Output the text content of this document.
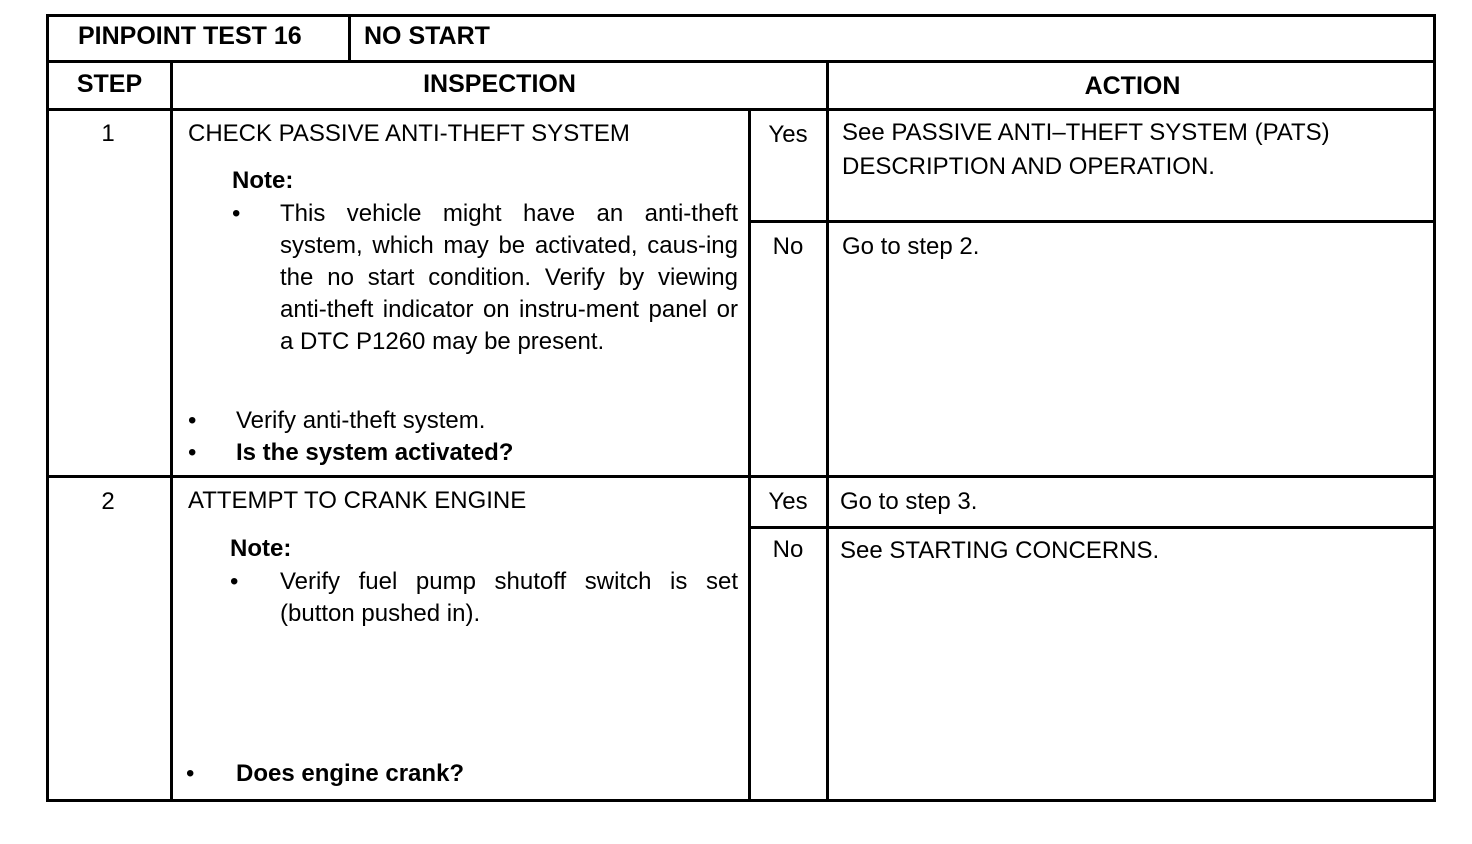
PINPOINT TEST 16 NO START
STEP	INSPECTION	ACTION
1	CHECK PASSIVE ANTI-THEFT SYSTEM
Note:
• This vehicle might have an anti-theft system, which may be activated, caus-ing the no start condition. Verify by viewing anti-theft indicator on instru-ment panel or a DTC P1260 may be present.
• Verify anti-theft system.
• Is the system activated?
Yes	See PASSIVE ANTI–THEFT SYSTEM (PATS) DESCRIPTION AND OPERATION.
No	Go to step 2.
2	ATTEMPT TO CRANK ENGINE
Note:
• Verify fuel pump shutoff switch is set (button pushed in).
• Does engine crank?
Yes	Go to step 3.
No	See STARTING CONCERNS.
